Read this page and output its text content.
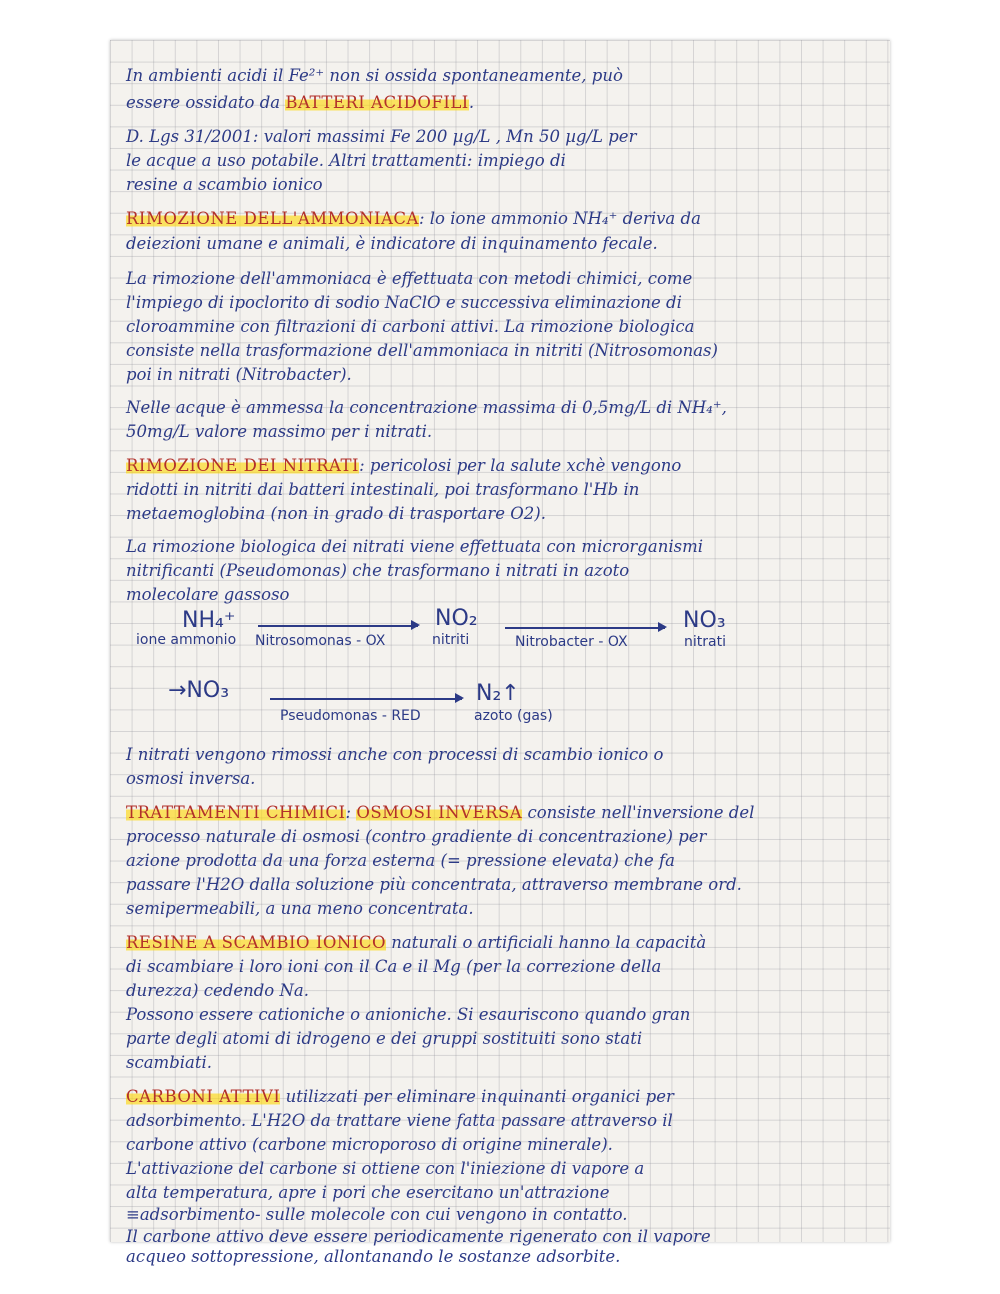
In ambienti acidi il Fe²⁺ non si ossida spontaneamente, può
essere ossidato da BATTERI ACIDOFILI.
D. Lgs 31/2001: valori massimi Fe 200 µg/L , Mn 50 µg/L per
le acque a uso potabile. Altri trattamenti: impiego di
resine a scambio ionico
RIMOZIONE DELL'AMMONIACA: lo ione ammonio NH₄⁺ deriva da
deiezioni umane e animali, è indicatore di inquinamento fecale.
La rimozione dell'ammoniaca è effettuata con metodi chimici, come
l'impiego di ipoclorito di sodio NaClO e successiva eliminazione di
cloroammine con filtrazioni di carboni attivi. La rimozione biologica
consiste nella trasformazione dell'ammoniaca in nitriti (Nitrosomonas)
poi in nitrati (Nitrobacter).
Nelle acque è ammessa la concentrazione massima di 0,5mg/L di NH₄⁺,
50mg/L valore massimo per i nitrati.
RIMOZIONE DEI NITRATI: pericolosi per la salute xchè vengono
ridotti in nitriti dai batteri intestinali, poi trasformano l'Hb in
metaemoglobina (non in grado di trasportare O2).
La rimozione biologica dei nitrati viene effettuata con microrganismi
nitrificanti (Pseudomonas) che trasformano i nitrati in azoto
molecolare gassoso
NH₄⁺	NO₂	NO₃
ione ammonio Nitrosomonas - OX	nitriti	Nitrobacter - OX	nitrati
→NO₃	N₂↑
Pseudomonas - RED	azoto (gas)
I nitrati vengono rimossi anche con processi di scambio ionico o
osmosi inversa.
TRATTAMENTI CHIMICI: OSMOSI INVERSA consiste nell'inversione del
processo naturale di osmosi (contro gradiente di concentrazione) per
azione prodotta da una forza esterna (= pressione elevata) che fa
passare l'H2O dalla soluzione più concentrata, attraverso membrane ord.
semipermeabili, a una meno concentrata.
RESINE A SCAMBIO IONICO naturali o artificiali hanno la capacità
di scambiare i loro ioni con il Ca e il Mg (per la correzione della
durezza) cedendo Na.
Possono essere cationiche o anioniche. Si esauriscono quando gran
parte degli atomi di idrogeno e dei gruppi sostituiti sono stati
scambiati.
CARBONI ATTIVI utilizzati per eliminare inquinanti organici per
adsorbimento. L'H2O da trattare viene fatta passare attraverso il
carbone attivo (carbone microporoso di origine minerale).
L'attivazione del carbone si ottiene con l'iniezione di vapore a
alta temperatura, apre i pori che esercitano un'attrazione
≡adsorbimento- sulle molecole con cui vengono in contatto.
Il carbone attivo deve essere periodicamente rigenerato con il vapore
acqueo sottopressione, allontanando le sostanze adsorbite.
